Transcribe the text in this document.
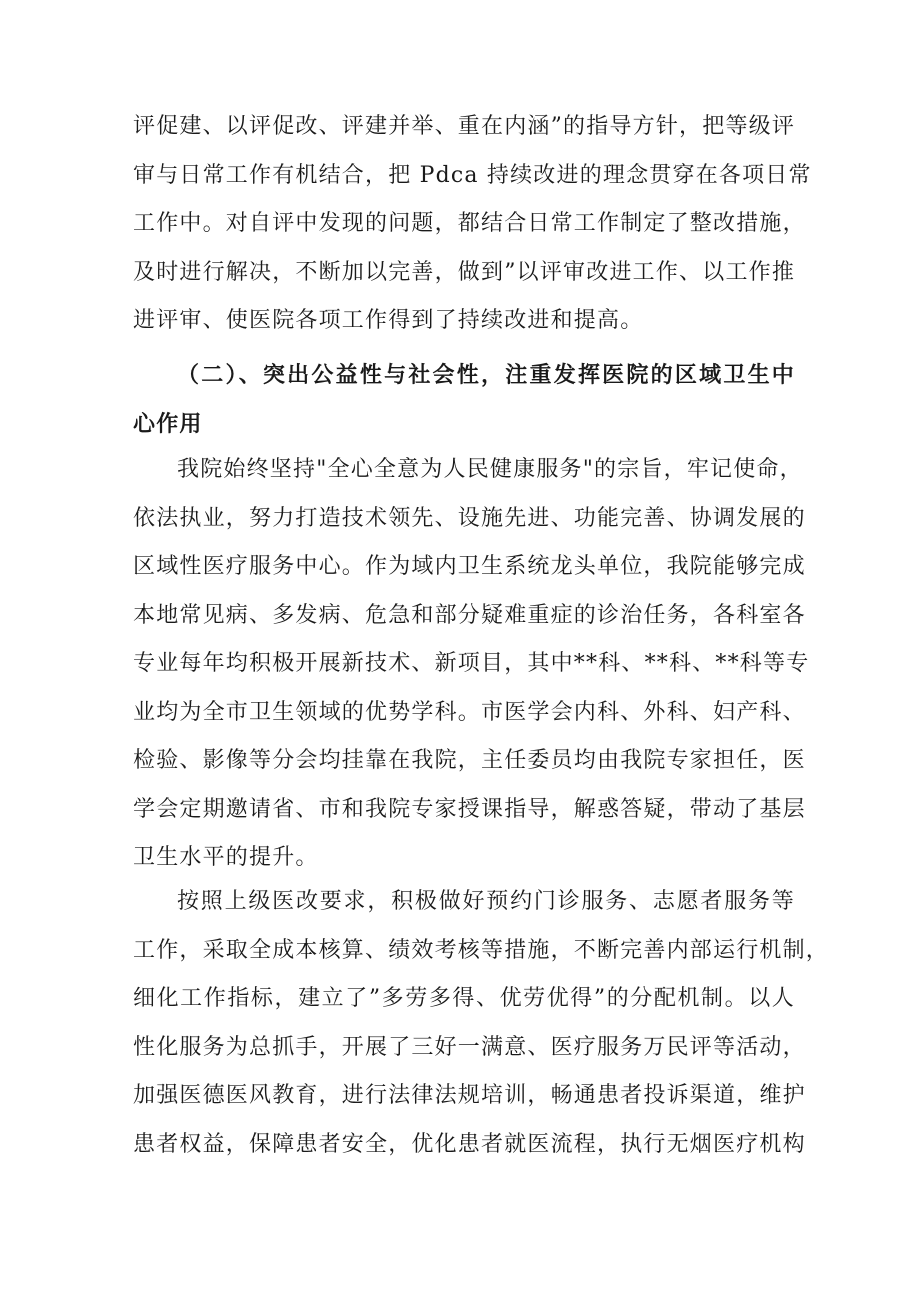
评促建、以评促改、评建并举、重在内涵”的指导方针，把等级评
审与日常工作有机结合，把 Pdca 持续改进的理念贯穿在各项日常
工作中。对自评中发现的问题，都结合日常工作制定了整改措施，
及时进行解决，不断加以完善，做到”以评审改进工作、以工作推
进评审、使医院各项工作得到了持续改进和提高。
（二）、突出公益性与社会性，注重发挥医院的区域卫生中
心作用
我院始终坚持"全心全意为人民健康服务"的宗旨，牢记使命，
依法执业，努力打造技术领先、设施先进、功能完善、协调发展的
区域性医疗服务中心。作为域内卫生系统龙头单位，我院能够完成
本地常见病、多发病、危急和部分疑难重症的诊治任务，各科室各
专业每年均积极开展新技术、新项目，其中**科、**科、**科等专
业均为全市卫生领域的优势学科。市医学会内科、外科、妇产科、
检验、影像等分会均挂靠在我院，主任委员均由我院专家担任，医
学会定期邀请省、市和我院专家授课指导，解惑答疑，带动了基层
卫生水平的提升。
按照上级医改要求，积极做好预约门诊服务、志愿者服务等
工作，采取全成本核算、绩效考核等措施，不断完善内部运行机制，
细化工作指标，建立了”多劳多得、优劳优得”的分配机制。以人
性化服务为总抓手，开展了三好一满意、医疗服务万民评等活动，
加强医德医风教育，进行法律法规培训，畅通患者投诉渠道，维护
患者权益，保障患者安全，优化患者就医流程，执行无烟医疗机构
